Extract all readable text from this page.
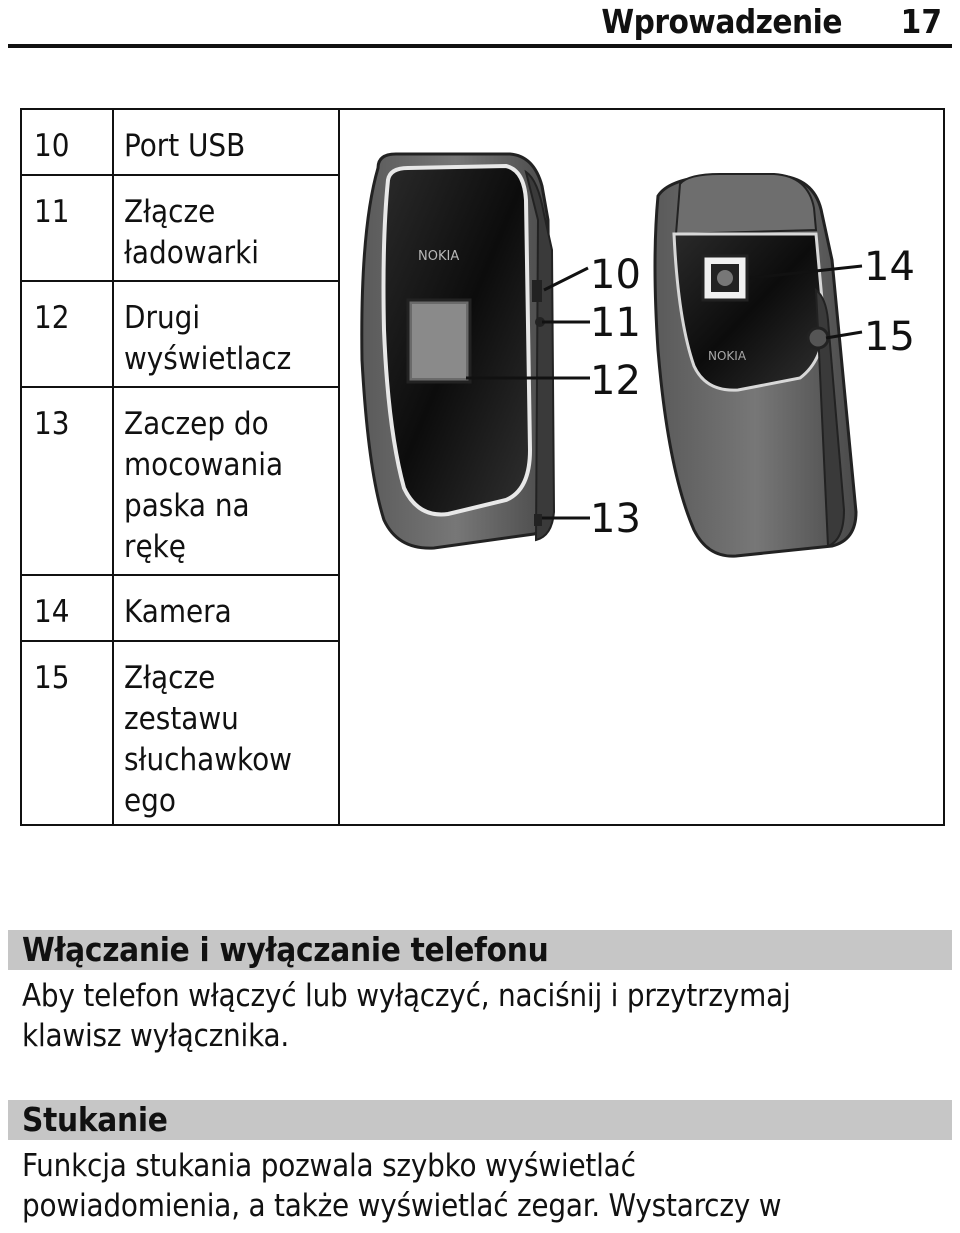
Wprowadzenie 17
10 Port USB
11 Złącze
ładowarki
12 Drugi
wyświetlacz
13 Zaczep do
mocowania
paska na
rękę
14 Kamera
15 Złącze
zestawu
słuchawkow
ego
NOKIA
NOKIA
10
11
12
13
14
15
Włączanie i wyłączanie telefonu
Aby telefon włączyć lub wyłączyć, naciśnij i przytrzymaj
klawisz wyłącznika.
Stukanie
Funkcja stukania pozwala szybko wyświetlać
powiadomienia, a także wyświetlać zegar. Wystarczy w
